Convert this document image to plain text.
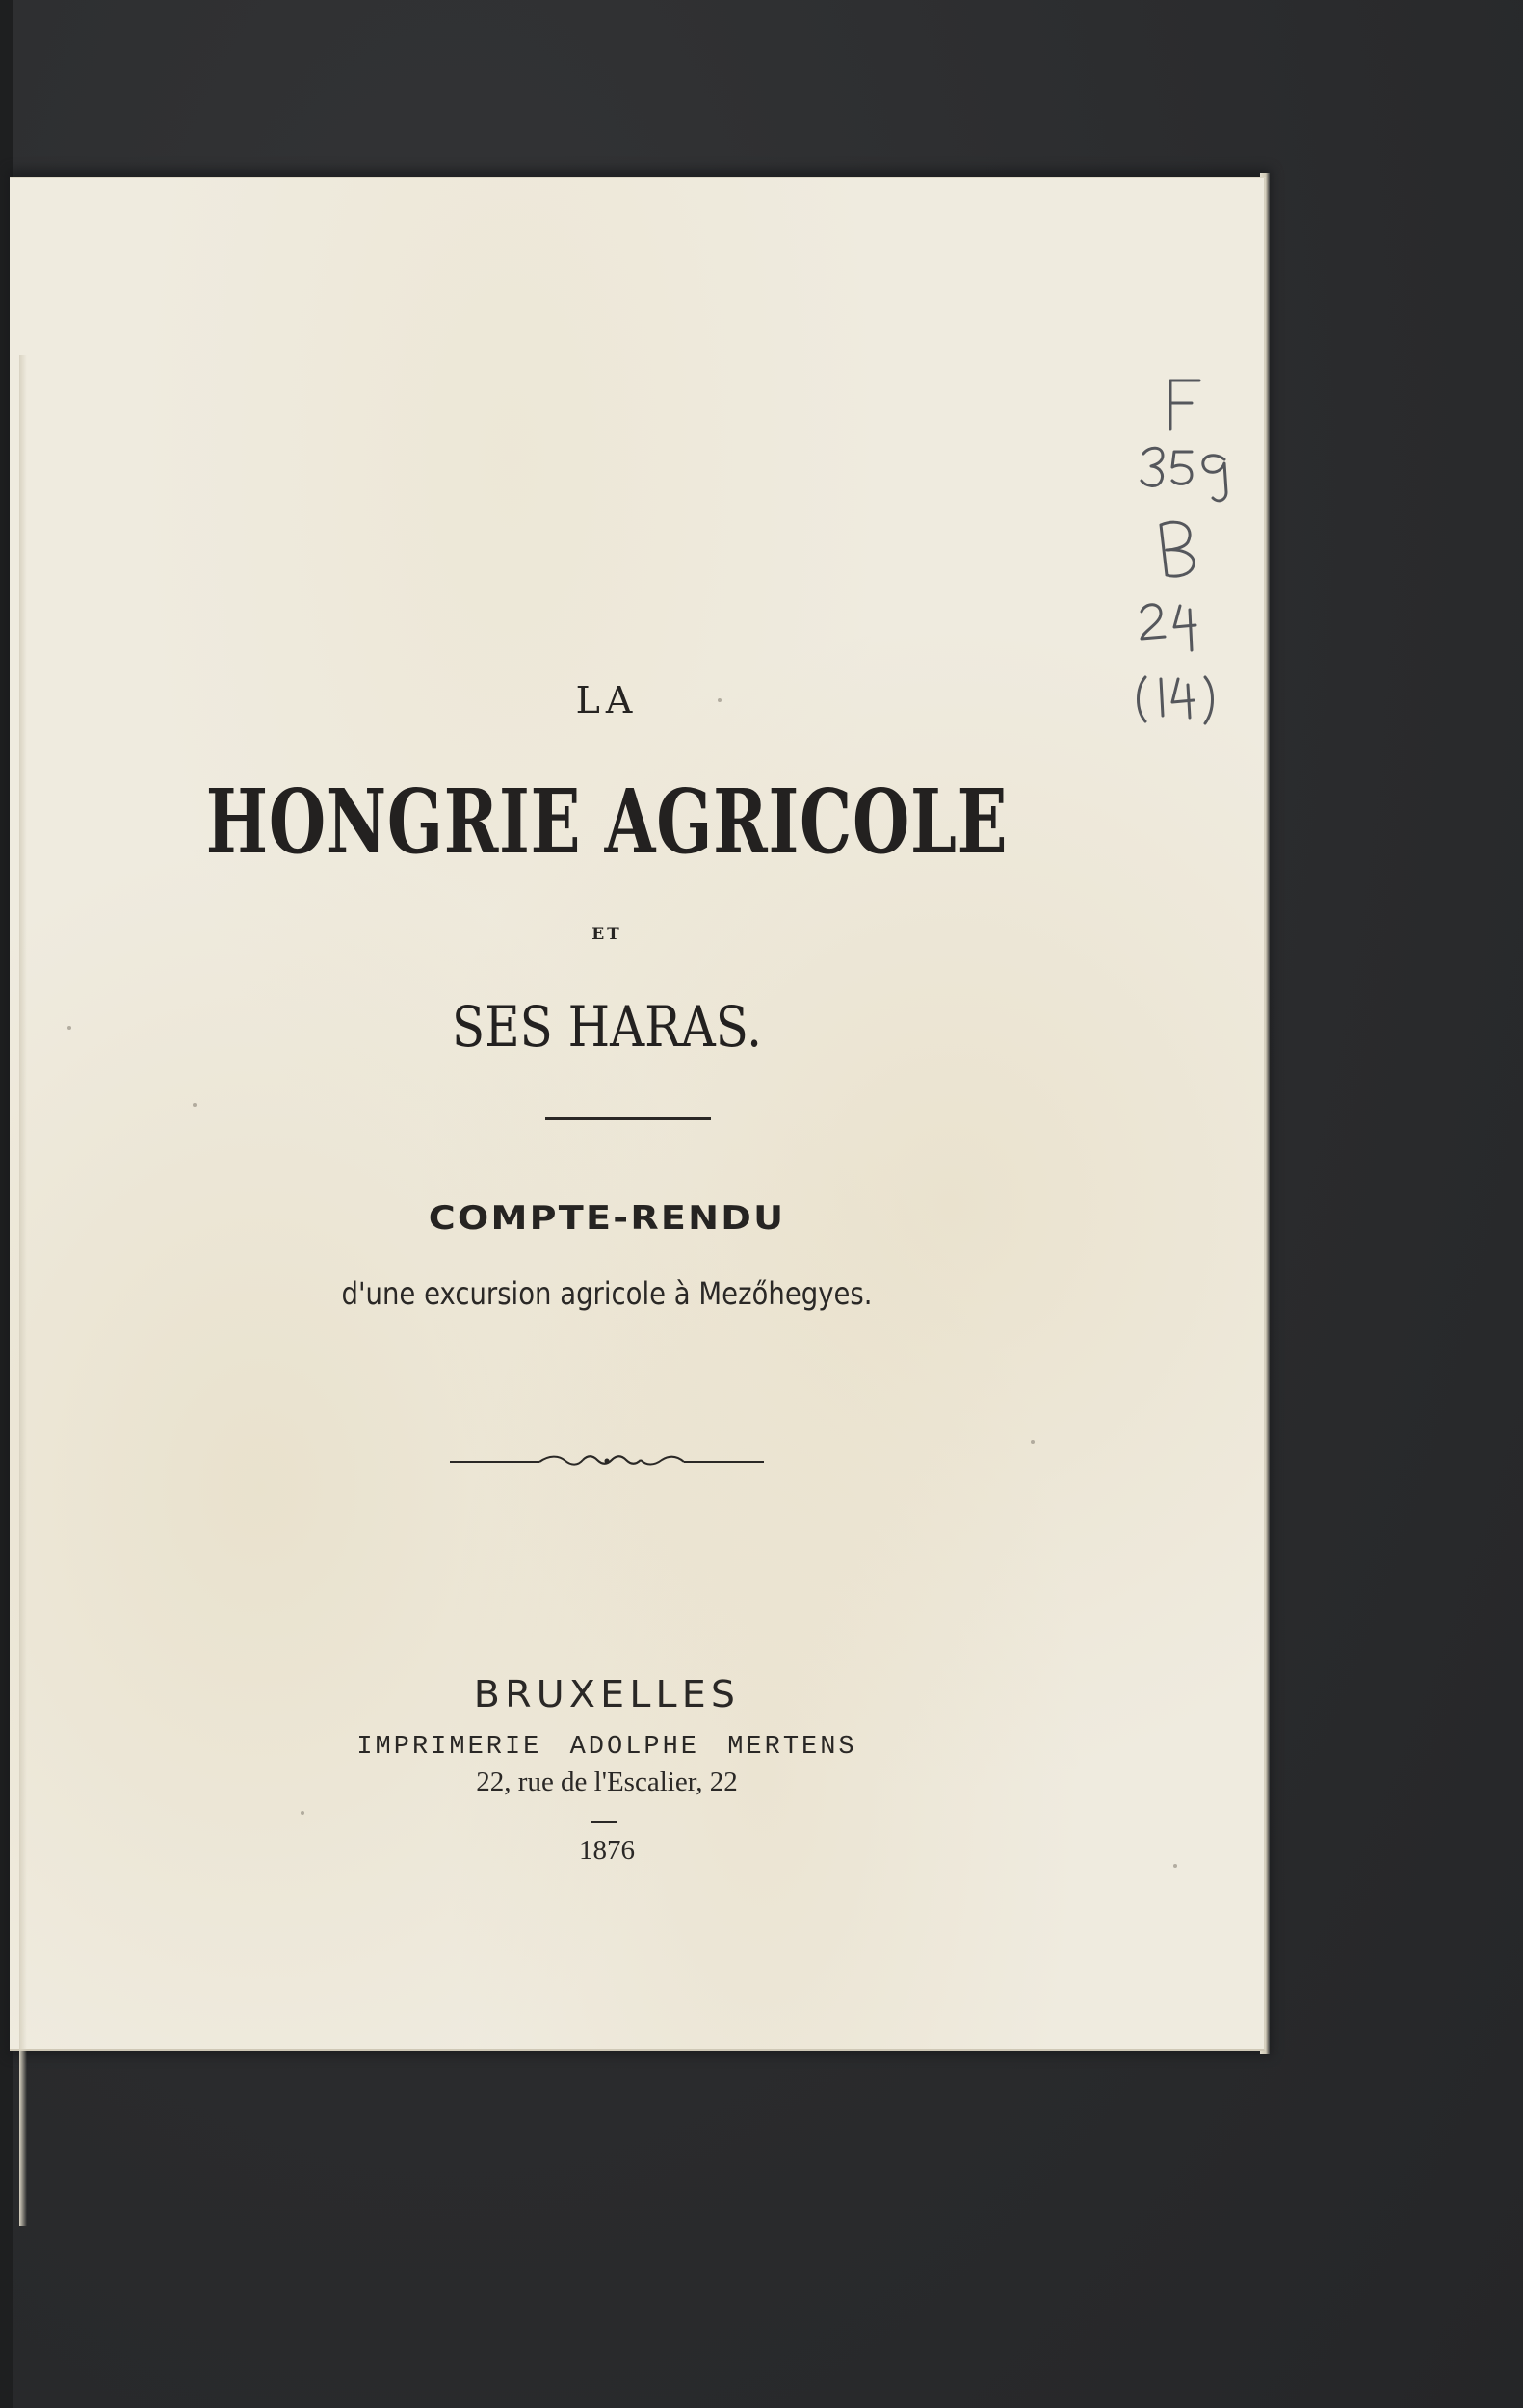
LA
HONGRIE AGRICOLE
ET
SES HARAS.
COMPTE-RENDU
d'une excursion agricole à Mezőhegyes.
BRUXELLES
IMPRIMERIE ADOLPHE MERTENS
22, rue de l'Escalier, 22
1876
